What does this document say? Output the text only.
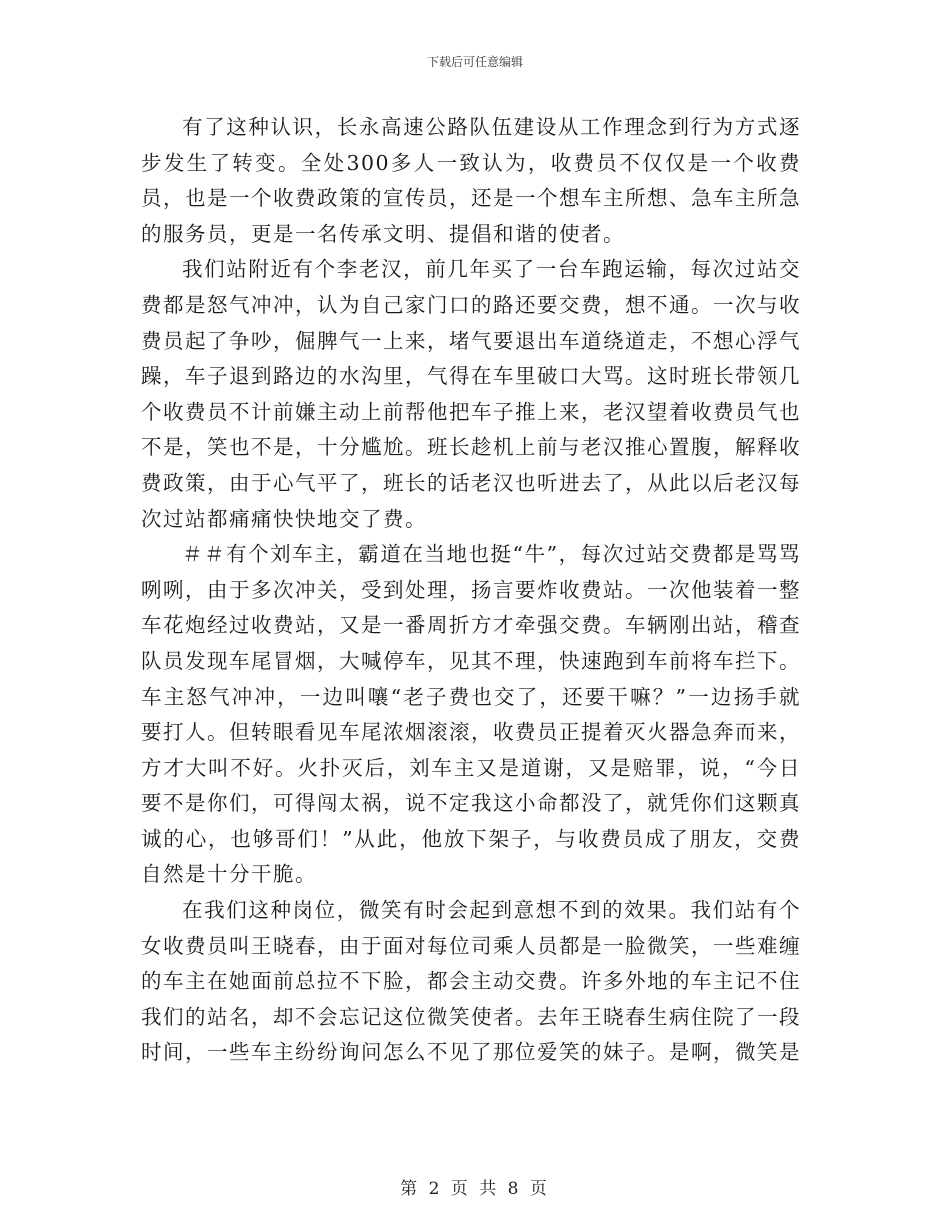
下载后可任意编辑

有了这种认识，长永高速公路队伍建设从工作理念到行为方式逐步发生了转变。全处300多人一致认为，收费员不仅仅是一个收费员，也是一个收费政策的宣传员，还是一个想车主所想、急车主所急的服务员，更是一名传承文明、提倡和谐的使者。

我们站附近有个李老汉，前几年买了一台车跑运输，每次过站交费都是怒气冲冲，认为自己家门口的路还要交费，想不通。一次与收费员起了争吵，倔脾气一上来，堵气要退出车道绕道走，不想心浮气躁，车子退到路边的水沟里，气得在车里破口大骂。这时班长带领几个收费员不计前嫌主动上前帮他把车子推上来，老汉望着收费员气也不是，笑也不是，十分尴尬。班长趁机上前与老汉推心置腹，解释收费政策，由于心气平了，班长的话老汉也听进去了，从此以后老汉每次过站都痛痛快快地交了费。

＃＃有个刘车主，霸道在当地也挺“牛”，每次过站交费都是骂骂咧咧，由于多次冲关，受到处理，扬言要炸收费站。一次他装着一整车花炮经过收费站，又是一番周折方才牵强交费。车辆刚出站，稽查队员发现车尾冒烟，大喊停车，见其不理，快速跑到车前将车拦下。车主怒气冲冲，一边叫嚷“老子费也交了，还要干嘛？”一边扬手就要打人。但转眼看见车尾浓烟滚滚，收费员正提着灭火器急奔而来，方才大叫不好。火扑灭后，刘车主又是道谢，又是赔罪，说，“今日要不是你们，可得闯太祸，说不定我这小命都没了，就凭你们这颗真诚的心，也够哥们！”从此，他放下架子，与收费员成了朋友，交费自然是十分干脆。

在我们这种岗位，微笑有时会起到意想不到的效果。我们站有个女收费员叫王晓春，由于面对每位司乘人员都是一脸微笑，一些难缠的车主在她面前总拉不下脸，都会主动交费。许多外地的车主记不住我们的站名，却不会忘记这位微笑使者。去年王晓春生病住院了一段时间，一些车主纷纷询问怎么不见了那位爱笑的妹子。是啊，微笑是

第 2 页 共 8 页
